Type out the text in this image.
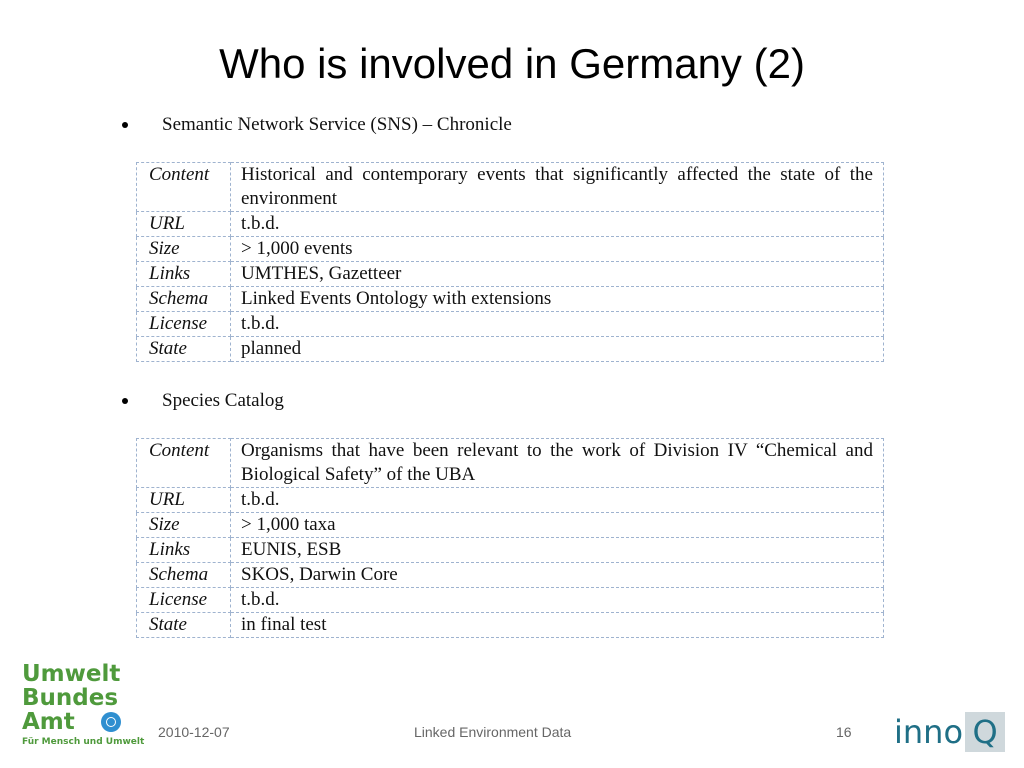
Who is involved in Germany (2)
Semantic Network Service (SNS) – Chronicle
Content	Historical and contemporary events that significantly affected the state of the environment
URL	t.b.d.
Size	> 1,000 events
Links	UMTHES, Gazetteer
Schema	Linked Events Ontology with extensions
License	t.b.d.
State	planned
Species Catalog
Content	Organisms that have been relevant to the work of Division IV “Chemical and Biological Safety” of the UBA
URL	t.b.d.
Size	> 1,000 taxa
Links	EUNIS, ESB
Schema	SKOS, Darwin Core
License	t.b.d.
State	in final test
Umwelt
Bundes
Amt
Für Mensch und Umwelt
2010-12-07	Linked Environment Data	16 inno Q
